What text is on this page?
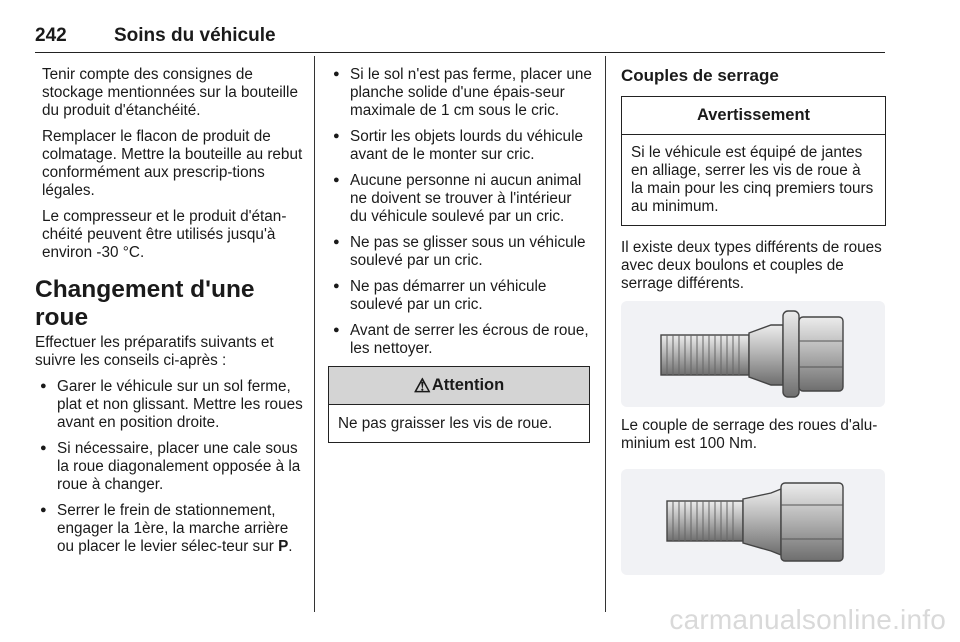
242 Soins du véhicule

Tenir compte des consignes de stockage mentionnées sur la bouteille du produit d'étanchéité.

Remplacer le flacon de produit de colmatage. Mettre la bouteille au rebut conformément aux prescrip-tions légales.

Le compresseur et le produit d'étan-chéité peuvent être utilisés jusqu'à environ -30 °C.

Changement d'une roue

Effectuer les préparatifs suivants et suivre les conseils ci-après :

● Garer le véhicule sur un sol ferme, plat et non glissant. Mettre les roues avant en position droite.
● Si nécessaire, placer une cale sous la roue diagonalement opposée à la roue à changer.
● Serrer le frein de stationnement, engager la 1ère, la marche arrière ou placer le levier sélec-teur sur P.
● Si le sol n'est pas ferme, placer une planche solide d'une épais-seur maximale de 1 cm sous le cric.
● Sortir les objets lourds du véhicule avant de le monter sur cric.
● Aucune personne ni aucun animal ne doivent se trouver à l'intérieur du véhicule soulevé par un cric.
● Ne pas se glisser sous un véhicule soulevé par un cric.
● Ne pas démarrer un véhicule soulevé par un cric.
● Avant de serrer les écrous de roue, les nettoyer.
⚠Attention
Ne pas graisser les vis de roue.
Couples de serrage
Avertissement
Si le véhicule est équipé de jantes en alliage, serrer les vis de roue à la main pour les cinq premiers tours au minimum.

Il existe deux types différents de roues avec deux boulons et couples de serrage différents.

Le couple de serrage des roues d'alu-minium est 100 Nm.

carmanualsonline.info
